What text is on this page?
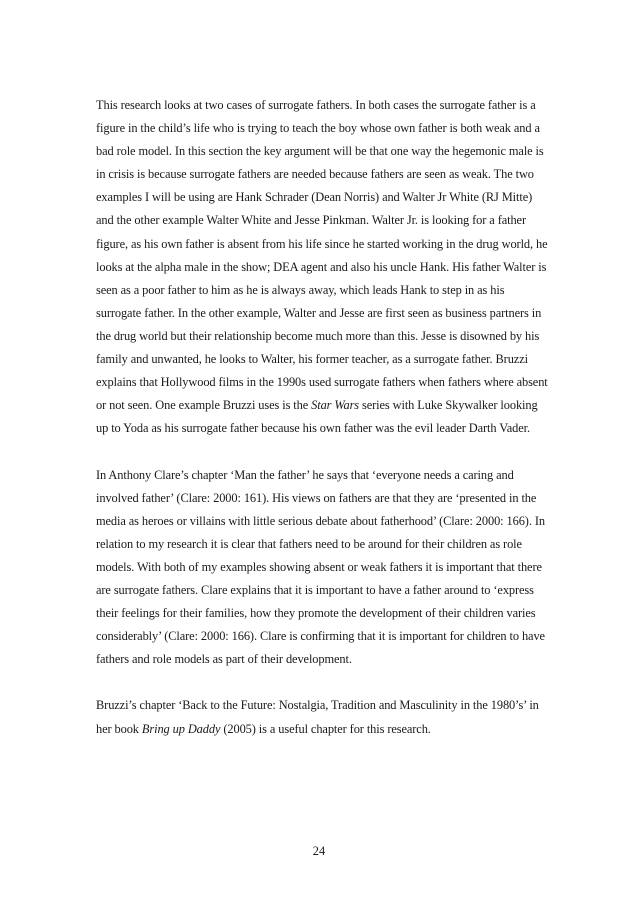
This research looks at two cases of surrogate fathers. In both cases the surrogate father is a figure in the child’s life who is trying to teach the boy whose own father is both weak and a bad role model. In this section the key argument will be that one way the hegemonic male is in crisis is because surrogate fathers are needed because fathers are seen as weak. The two examples I will be using are Hank Schrader (Dean Norris) and Walter Jr White (RJ Mitte) and the other example Walter White and Jesse Pinkman. Walter Jr. is looking for a father figure, as his own father is absent from his life since he started working in the drug world, he looks at the alpha male in the show; DEA agent and also his uncle Hank. His father Walter is seen as a poor father to him as he is always away, which leads Hank to step in as his surrogate father. In the other example, Walter and Jesse are first seen as business partners in the drug world but their relationship become much more than this. Jesse is disowned by his family and unwanted, he looks to Walter, his former teacher, as a surrogate father. Bruzzi explains that Hollywood films in the 1990s used surrogate fathers when fathers where absent or not seen. One example Bruzzi uses is the Star Wars series with Luke Skywalker looking up to Yoda as his surrogate father because his own father was the evil leader Darth Vader.

In Anthony Clare’s chapter ‘Man the father’ he says that ‘everyone needs a caring and involved father’ (Clare: 2000: 161). His views on fathers are that they are ‘presented in the media as heroes or villains with little serious debate about fatherhood’ (Clare: 2000: 166). In relation to my research it is clear that fathers need to be around for their children as role models. With both of my examples showing absent or weak fathers it is important that there are surrogate fathers. Clare explains that it is important to have a father around to ‘express their feelings for their families, how they promote the development of their children varies considerably’ (Clare: 2000: 166). Clare is confirming that it is important for children to have fathers and role models as part of their development.

Bruzzi’s chapter ‘Back to the Future: Nostalgia, Tradition and Masculinity in the 1980’s’ in her book Bring up Daddy (2005) is a useful chapter for this research.

24
